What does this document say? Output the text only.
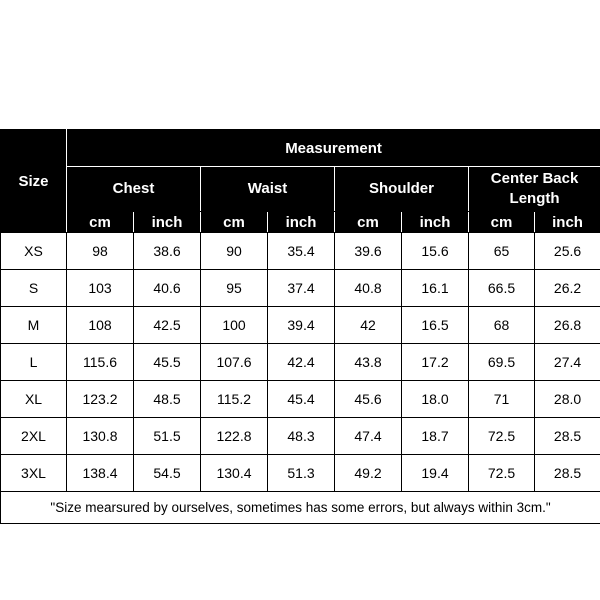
Size	Measurement							
	Chest		Waist		Shoulder		Center Back Length	
	cm	inch	cm	inch	cm	inch	cm	inch
XS	98	38.6	90	35.4	39.6	15.6	65	25.6
S	103	40.6	95	37.4	40.8	16.1	66.5	26.2
M	108	42.5	100	39.4	42	16.5	68	26.8
L	115.6	45.5	107.6	42.4	43.8	17.2	69.5	27.4
XL	123.2	48.5	115.2	45.4	45.6	18.0	71	28.0
2XL	130.8	51.5	122.8	48.3	47.4	18.7	72.5	28.5
3XL	138.4	54.5	130.4	51.3	49.2	19.4	72.5	28.5
"Size mearsured by ourselves, sometimes has some errors, but always within 3cm."								
